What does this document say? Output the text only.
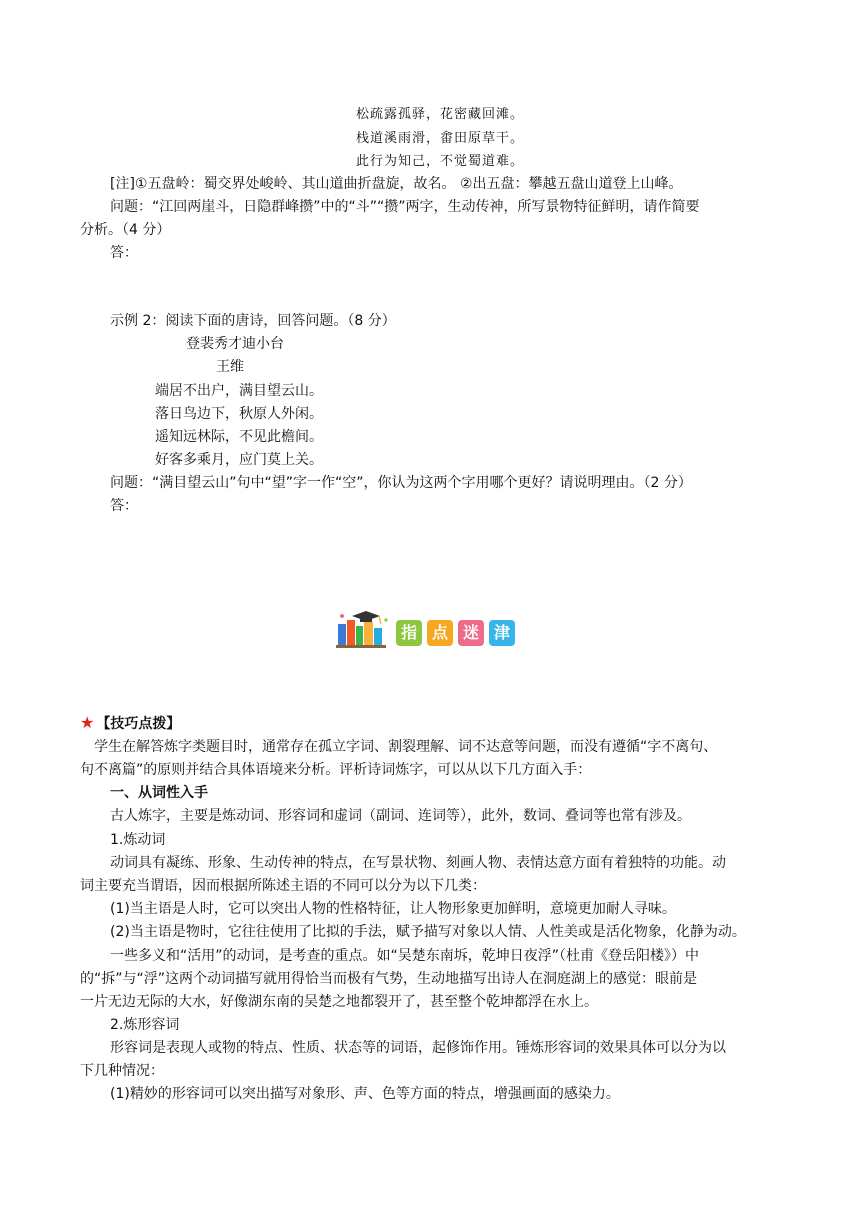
松疏露孤驿，花密藏回滩。
栈道溪雨滑，畬田原草干。
此行为知己，不觉蜀道难。
[注]①五盘岭：蜀交界处峻岭、其山道曲折盘旋，故名。 ②出五盘：攀越五盘山道登上山峰。
问题：“江回两崖斗，日隐群峰攒”中的“斗”“攒”两字，生动传神，所写景物特征鲜明，请作简要
分析。（4 分）
答：
示例 2：阅读下面的唐诗，回答问题。（8 分）
登裴秀才迪小台
王维
端居不出户，满目望云山。
落日鸟边下，秋原人外闲。
遥知远林际，不见此檐间。
好客多乘月，应门莫上关。
问题：“满目望云山”句中“望”字一作“空”，你认为这两个字用哪个更好？请说明理由。（2 分）
答：
指 点 迷 津
★ 【技巧点拨】
学生在解答炼字类题目时，通常存在孤立字词、割裂理解、词不达意等问题，而没有遵循“字不离句、
句不离篇”的原则并结合具体语境来分析。评析诗词炼字，可以从以下几方面入手：
一、从词性入手
古人炼字，主要是炼动词、形容词和虚词（副词、连词等），此外，数词、叠词等也常有涉及。
1.炼动词
动词具有凝练、形象、生动传神的特点，在写景状物、刻画人物、表情达意方面有着独特的功能。动
词主要充当谓语，因而根据所陈述主语的不同可以分为以下几类：
(1)当主语是人时，它可以突出人物的性格特征，让人物形象更加鲜明，意境更加耐人寻味。
(2)当主语是物时，它往往使用了比拟的手法，赋予描写对象以人情、人性美或是活化物象，化静为动。
一些多义和“活用”的动词，是考查的重点。如“吴楚东南坼，乾坤日夜浮”（杜甫《登岳阳楼》）中
的“拆”与“浮”这两个动词描写就用得恰当而极有气势，生动地描写出诗人在洞庭湖上的感觉：眼前是
一片无边无际的大水，好像湖东南的吴楚之地都裂开了，甚至整个乾坤都浮在水上。
2.炼形容词
形容词是表现人或物的特点、性质、状态等的词语，起修饰作用。锤炼形容词的效果具体可以分为以
下几种情况：
(1)精妙的形容词可以突出描写对象形、声、色等方面的特点，增强画面的感染力。
